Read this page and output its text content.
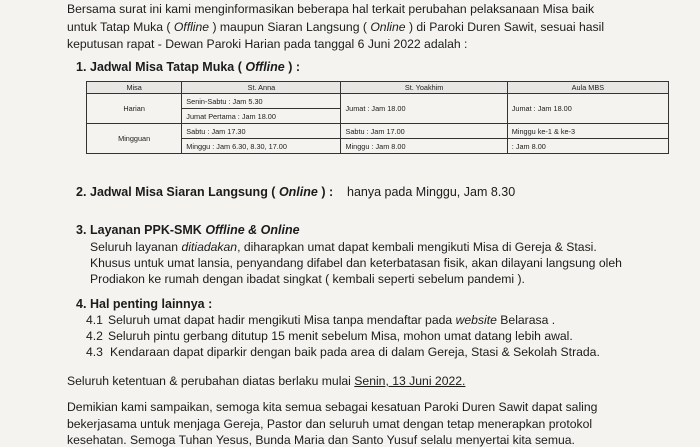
Bersama surat ini kami menginformasikan beberapa hal terkait perubahan pelaksanaan Misa baik
untuk Tatap Muka ( Offline ) maupun Siaran Langsung ( Online ) di Paroki Duren Sawit, sesuai hasil
keputusan rapat - Dewan Paroki Harian pada tanggal 6 Juni 2022 adalah :
1. Jadwal Misa Tatap Muka ( Offline ) :
Misa	St. Anna	St. Yoakhim	Aula MBS
Harian	Senin-Sabtu : Jam 5.30	Jumat : Jam 18.00	Jumat : Jam 18.00
	Jumat Pertama : Jam 18.00		
Mingguan	Sabtu : Jam 17.30	Sabtu : Jam 17.00	Minggu ke-1 & ke-3
	Minggu : Jam 6.30, 8.30, 17.00	Minggu : Jam 8.00	: Jam 8.00
2. Jadwal Misa Siaran Langsung ( Online ) : hanya pada Minggu, Jam 8.30
3. Layanan PPK-SMK Offline & Online
Seluruh layanan ditiadakan, diharapkan umat dapat kembali mengikuti Misa di Gereja & Stasi.
Khusus untuk umat lansia, penyandang difabel dan keterbatasan fisik, akan dilayani langsung oleh
Prodiakon ke rumah dengan ibadat singkat ( kembali seperti sebelum pandemi ).
4. Hal penting lainnya :
4.1 Seluruh umat dapat hadir mengikuti Misa tanpa mendaftar pada website Belarasa .
4.2 Seluruh pintu gerbang ditutup 15 menit sebelum Misa, mohon umat datang lebih awal.
4.3 Kendaraan dapat diparkir dengan baik pada area di dalam Gereja, Stasi & Sekolah Strada.
Seluruh ketentuan & perubahan diatas berlaku mulai Senin, 13 Juni 2022.
Demikian kami sampaikan, semoga kita semua sebagai kesatuan Paroki Duren Sawit dapat saling
bekerjasama untuk menjaga Gereja, Pastor dan seluruh umat dengan tetap menerapkan protokol
kesehatan. Semoga Tuhan Yesus, Bunda Maria dan Santo Yusuf selalu menyertai kita semua.
